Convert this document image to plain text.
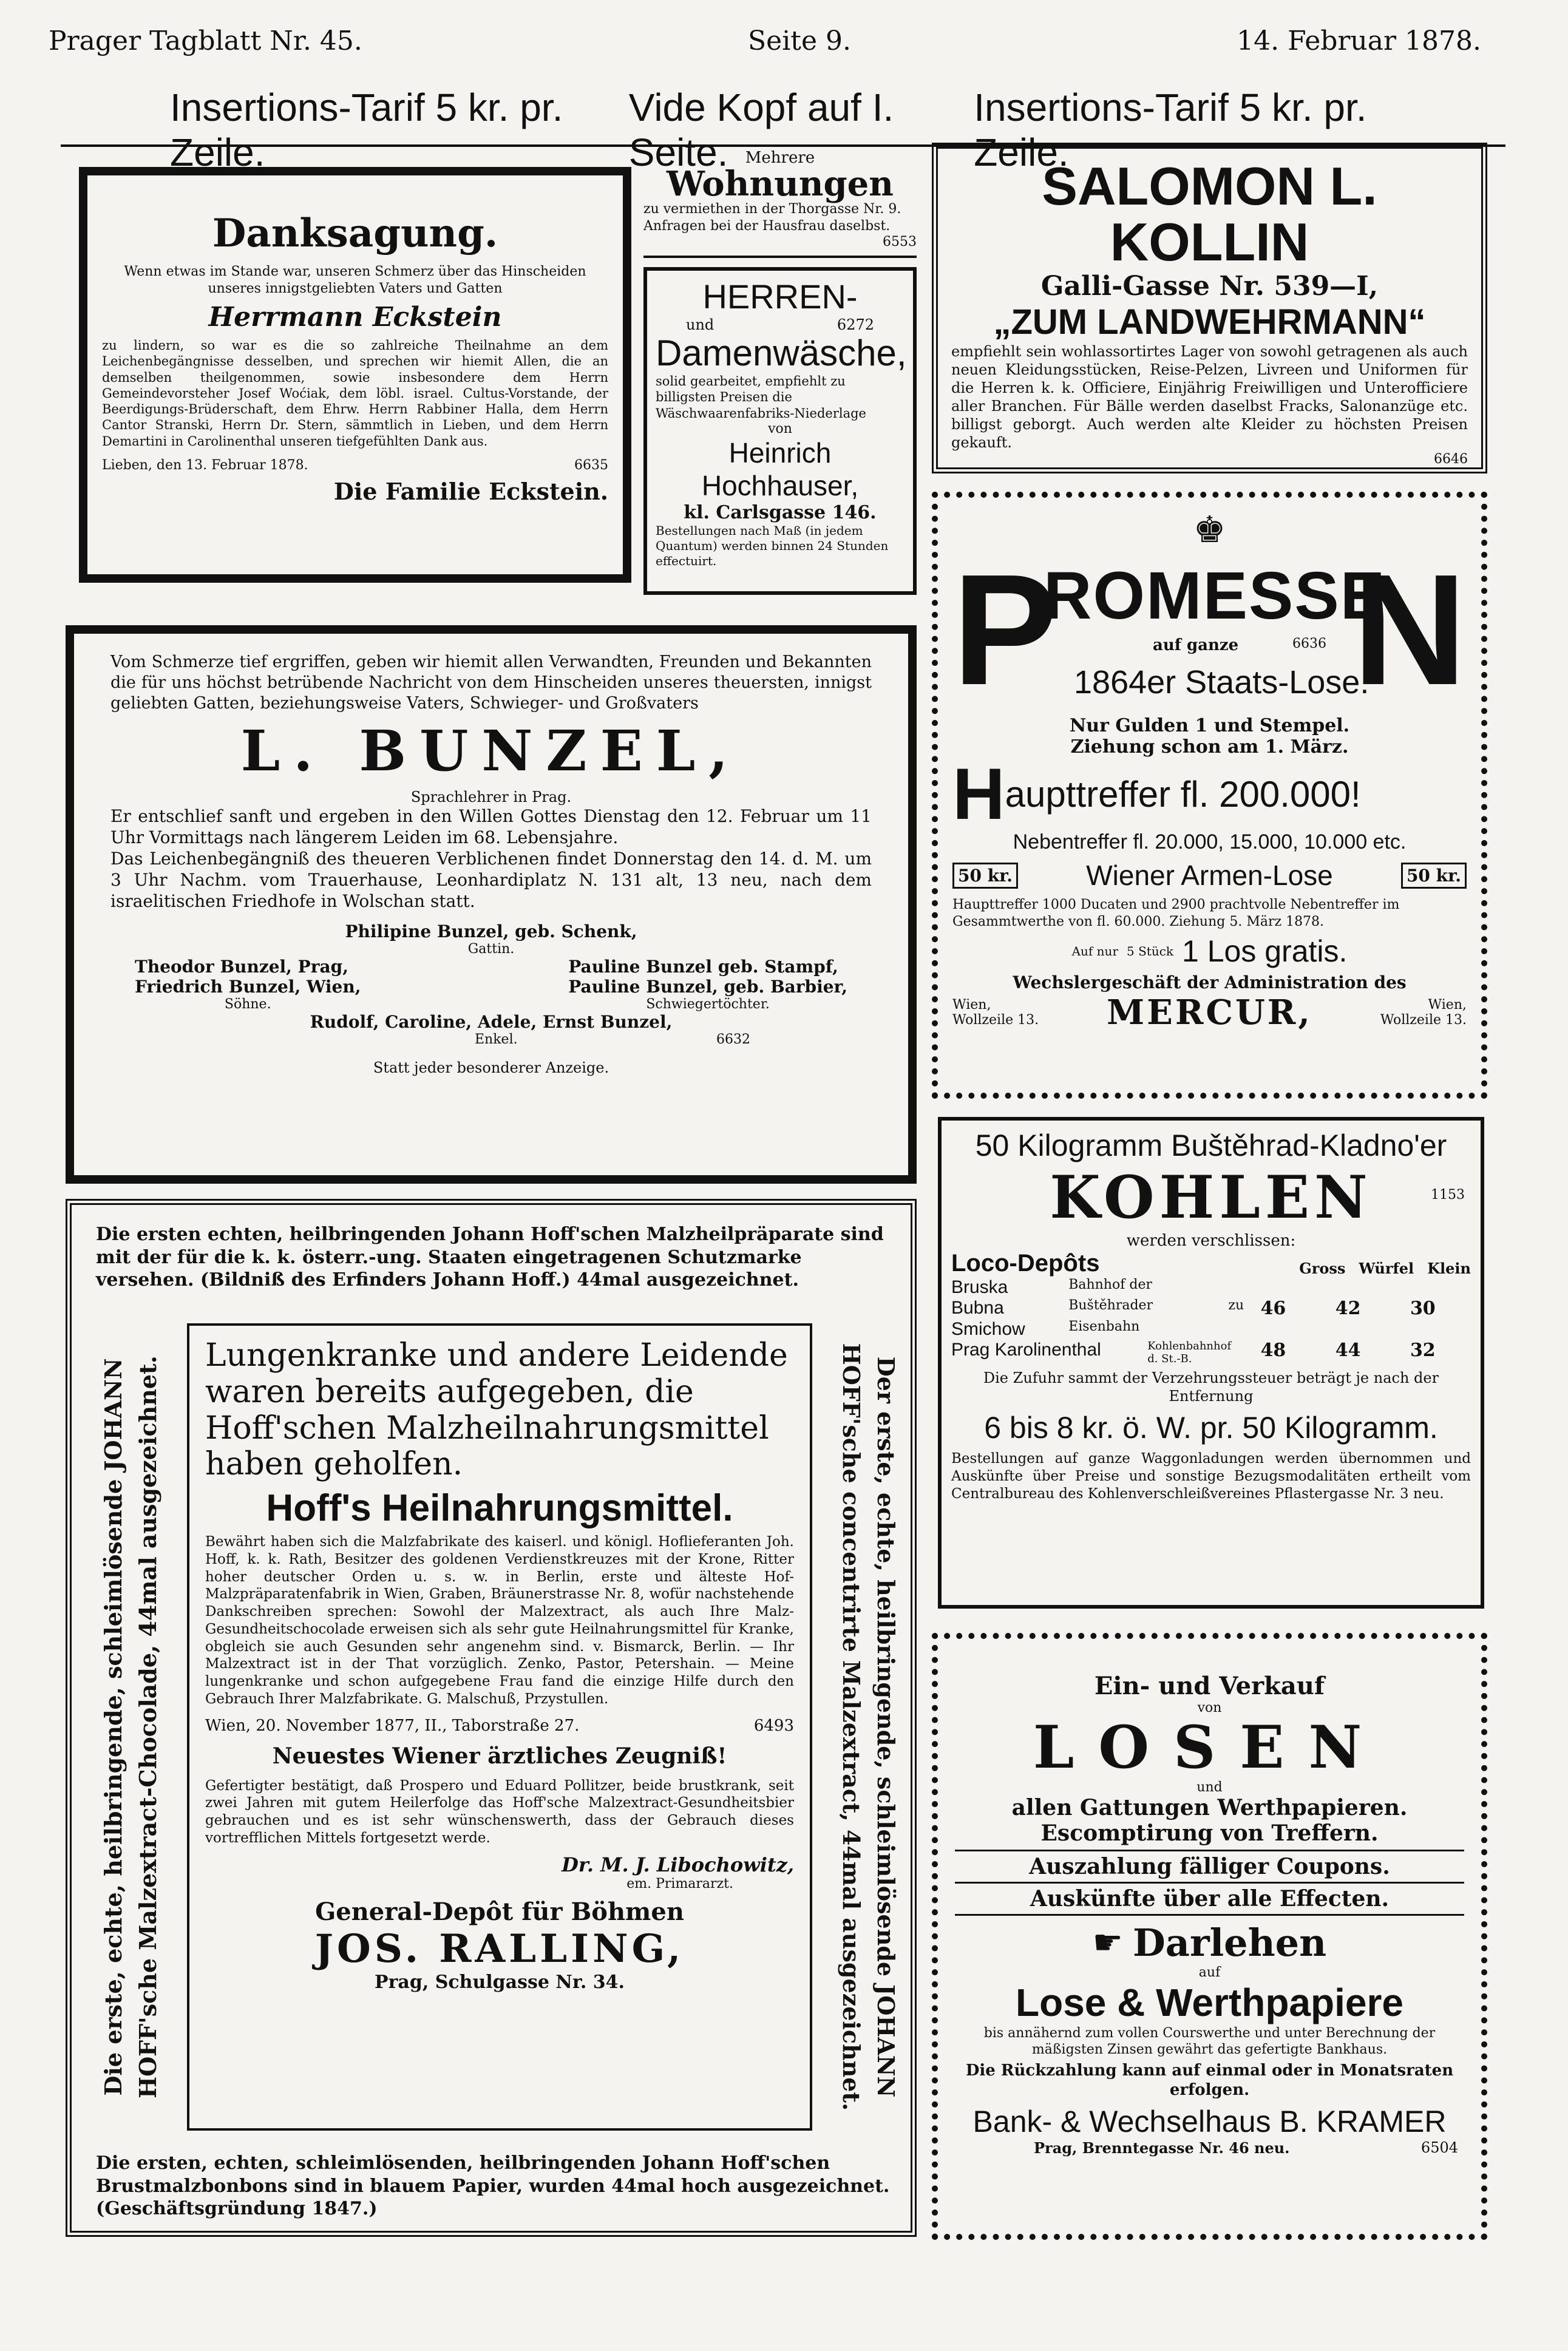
Prager Tagblatt Nr. 45.	Seite 9.	14. Februar 1878.
Insertions-Tarif 5 kr. pr. Zeile.
Vide Kopf auf I. Seite.
Insertions-Tarif 5 kr. pr. Zeile.
Danksagung.

Wenn etwas im Stande war, unseren Schmerz über das Hinscheiden unseres innigstgeliebten Vaters und Gatten

Herrmann Eckstein

zu lindern, so war es die so zahlreiche Theilnahme an dem Leichenbegängnisse desselben, und sprechen wir hiemit Allen, die an demselben theilgenommen, sowie insbesondere dem Herrn Gemeindevorsteher Josef Woćiak, dem löbl. israel. Cultus-Vorstande, der Beerdigungs-Brüderschaft, dem Ehrw. Herrn Rabbiner Halla, dem Herrn Cantor Stranski, Herrn Dr. Stern, sämmtlich in Lieben, und dem Herrn Demartini in Carolinenthal unseren tiefgefühlten Dank aus.

Lieben, den 13. Februar 1878.	6635
Die Familie Eckstein.
Mehrere
Wohnungen

zu vermiethen in der Thorgasse Nr. 9. Anfragen bei der Hausfrau daselbst.

6553
HERREN-
und	6272
Damenwäsche,

solid gearbeitet, empfiehlt zu billigsten Preisen die Wäschwaarenfabriks-Niederlage

von
Heinrich Hochhauser,
kl. Carlsgasse 146.

Bestellungen nach Maß (in jedem Quantum) werden binnen 24 Stunden effectuirt.

SALOMON L. KOLLIN
Galli-Gasse Nr. 539—I,
„ZUM LANDWEHRMANN“

empfiehlt sein wohlassortirtes Lager von sowohl getragenen als auch neuen Kleidungsstücken, Reise-Pelzen, Livreen und Uniformen für die Herren k. k. Officiere, Einjährig Freiwilligen und Unterofficiere aller Branchen. Für Bälle werden daselbst Fracks, Salonanzüge etc. billigst geborgt. Auch werden alte Kleider zu höchsten Preisen gekauft.

6646
♚
P
ROMESSE
N
auf ganze	6636
1864er Staats-Lose.
Nur Gulden 1 und Stempel.
Ziehung schon am 1. März.
H aupttreffer fl. 200.000!
Nebentreffer fl. 20.000, 15.000, 10.000 etc.
50 kr.	Wiener Armen-Lose	50 kr.

Haupttreffer 1000 Ducaten und 2900 prachtvolle Nebentreffer im Gesammtwerthe von fl. 60.000. Ziehung 5. März 1878.

Auf nur 5 Stück 1 Los gratis.
Wechslergeschäft der Administration des
Wien, Wollzeile 13. MERCUR,	Wien, Wollzeile 13.
50 Kilogramm Buštěhrad-Kladno'er
KOHLEN	1153
werden verschlissen:
Loco-Depôts	Gross Würfel Klein
Bruska	Bahnhof der
Bubna	Buštěhrader	zu 46	42	30
Smichow	Eisenbahn
Prag Karolinenthal	Kohlenbahnhof d. St.-B.	48	44	32

Die Zufuhr sammt der Verzehrungssteuer beträgt je nach der Entfernung

6 bis 8 kr. ö. W. pr. 50 Kilogramm.

Bestellungen auf ganze Waggonladungen werden übernommen und Auskünfte über Preise und sonstige Bezugsmodalitäten ertheilt vom Centralbureau des Kohlenverschleißvereines Pflastergasse Nr. 3 neu.

Vom Schmerze tief ergriffen, geben wir hiemit allen Verwandten, Freunden und Bekannten die für uns höchst betrübende Nachricht von dem Hinscheiden unseres theuersten, innigst geliebten Gatten, beziehungsweise Vaters, Schwieger- und Großvaters

L. BUNZEL,
Sprachlehrer in Prag.

Er entschlief sanft und ergeben in den Willen Gottes Dienstag den 12. Februar um 11 Uhr Vormittags nach längerem Leiden im 68. Lebensjahre.

Das Leichenbegängniß des theueren Verblichenen findet Donnerstag den 14. d. M. um 3 Uhr Nachm. vom Trauerhause, Leonhardiplatz N. 131 alt, 13 neu, nach dem israelitischen Friedhofe in Wolschan statt.

Philipine Bunzel, geb. Schenk,
Gattin.
Theodor Bunzel, Prag,
Friedrich Bunzel, Wien,
Söhne.
Pauline Bunzel geb. Stampf,
Pauline Bunzel, geb. Barbier,
Schwiegertöchter.
Rudolf, Caroline, Adele, Ernst Bunzel,
Enkel.	6632
Statt jeder besonderer Anzeige.

Die ersten echten, heilbringenden Johann Hoff'schen Malzheilpräparate sind mit der für die k. k. österr.-ung. Staaten eingetragenen Schutzmarke versehen. (Bildniß des Erfinders Johann Hoff.) 44mal ausgezeichnet.

Die erste, echte, heilbringende, schleimlösende JOHANN HOFF'sche Malzextract-Chocolade, 44mal ausgezeichnet.	Der erste, echte, heilbringende, schleimlösende JOHANN HOFF'sche concentrirte Malzextract, 44mal ausgezeichnet.

Lungenkranke und andere Leidende waren bereits aufgegeben, die Hoff'schen Malzheilnahrungsmittel haben geholfen.

Hoff's Heilnahrungsmittel.

Bewährt haben sich die Malzfabrikate des kaiserl. und königl. Hoflieferanten Joh. Hoff, k. k. Rath, Besitzer des goldenen Verdienstkreuzes mit der Krone, Ritter hoher deutscher Orden u. s. w. in Berlin, erste und älteste Hof-Malzpräparatenfabrik in Wien, Graben, Bräunerstrasse Nr. 8, wofür nachstehende Dankschreiben sprechen: Sowohl der Malzextract, als auch Ihre Malz-Gesundheitschocolade erweisen sich als sehr gute Heilnahrungsmittel für Kranke, obgleich sie auch Gesunden sehr angenehm sind. v. Bismarck, Berlin. — Ihr Malzextract ist in der That vorzüglich. Zenko, Pastor, Petershain. — Meine lungenkranke und schon aufgegebene Frau fand die einzige Hilfe durch den Gebrauch Ihrer Malzfabrikate. G. Malschuß, Przystullen.

Wien, 20. November 1877, II., Taborstraße 27.	6493
Neuestes Wiener ärztliches Zeugniß!

Gefertigter bestätigt, daß Prospero und Eduard Pollitzer, beide brustkrank, seit zwei Jahren mit gutem Heilerfolge das Hoff'sche Malzextract-Gesundheitsbier gebrauchen und es ist sehr wünschenswerth, dass der Gebrauch dieses vortrefflichen Mittels fortgesetzt werde.

Dr. M. J. Libochowitz,
em. Primararzt.
General-Depôt für Böhmen
JOS. RALLING,
Prag, Schulgasse Nr. 34.

Die ersten, echten, schleimlösenden, heilbringenden Johann Hoff'schen Brustmalzbonbons sind in blauem Papier, wurden 44mal hoch ausgezeichnet. (Geschäftsgründung 1847.)

Ein- und Verkauf
von
LOSEN
und
allen Gattungen Werthpapieren.
Escomptirung von Treffern.
Auszahlung fälliger Coupons.
Auskünfte über alle Effecten.
☛ Darlehen
auf
Lose & Werthpapiere

bis annähernd zum vollen Courswerthe und unter Berechnung der mäßigsten Zinsen gewährt das gefertigte Bankhaus.

Die Rückzahlung kann auf einmal oder in Monatsraten erfolgen.

Bank- & Wechselhaus B. KRAMER
Prag, Brenntegasse Nr. 46 neu.	6504
